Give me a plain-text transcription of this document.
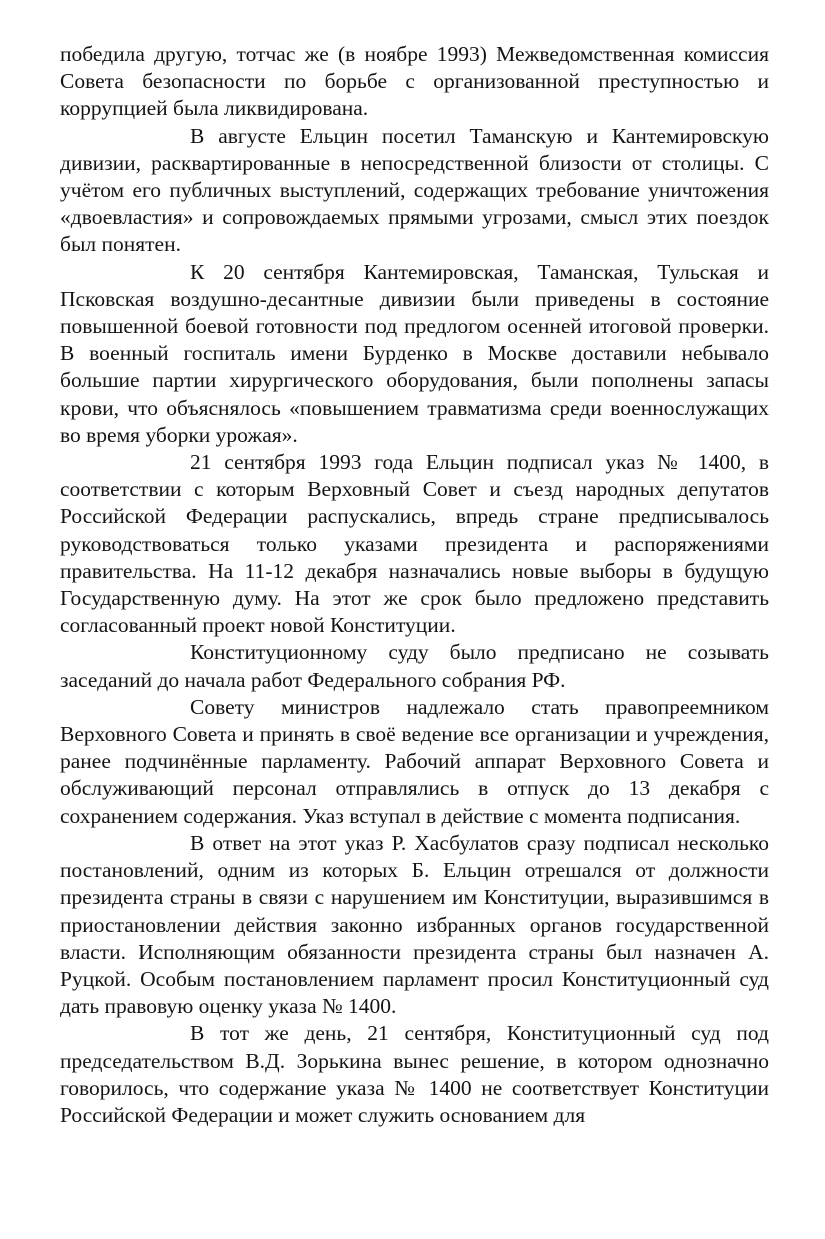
победила другую, тотчас же (в ноябре 1993) Межведомственная комиссия Совета безопасности по борьбе с организованной преступностью и коррупцией была ликвидирована.

В августе Ельцин посетил Таманскую и Кантемировскую дивизии, расквартированные в непосредственной близости от столицы. С учётом его публичных выступлений, содержащих требование уничтожения «двоевластия» и сопровождаемых прямыми угрозами, смысл этих поездок был понятен.

К 20 сентября Кантемировская, Таманская, Тульская и Псковская воздушно-десантные дивизии были приведены в состояние повышенной боевой готовности под предлогом осенней итоговой проверки. В военный госпиталь имени Бурденко в Москве доставили небывало большие партии хирургического оборудования, были пополнены запасы крови, что объяснялось «повышением травматизма среди военнослужащих во время уборки урожая».

21 сентября 1993 года Ельцин подписал указ № 1400, в соответствии с которым Верховный Совет и съезд народных депутатов Российской Федерации распускались, впредь стране предписывалось руководствоваться только указами президента и распоряжениями правительства. На 11-12 декабря назначались новые выборы в будущую Государственную думу. На этот же срок было предложено представить согласованный проект новой Конституции.

Конституционному суду было предписано не созывать заседаний до начала работ Федерального собрания РФ.

Совету министров надлежало стать правопреемником Верховного Совета и принять в своё ведение все организации и учреждения, ранее подчинённые парламенту. Рабочий аппарат Верховного Совета и обслуживающий персонал отправлялись в отпуск до 13 декабря с сохранением содержания. Указ вступал в действие с момента подписания.

В ответ на этот указ Р. Хасбулатов сразу подписал несколько постановлений, одним из которых Б. Ельцин отрешался от должности президента страны в связи с нарушением им Конституции, выразившимся в приостановлении действия законно избранных органов государственной власти. Исполняющим обязанности президента страны был назначен А. Руцкой. Особым постановлением парламент просил Конституционный суд дать правовую оценку указа № 1400.

В тот же день, 21 сентября, Конституционный суд под председательством В.Д. Зорькина вынес решение, в котором однозначно говорилось, что содержание указа № 1400 не соответствует Конституции Российской Федерации и может служить основанием для
